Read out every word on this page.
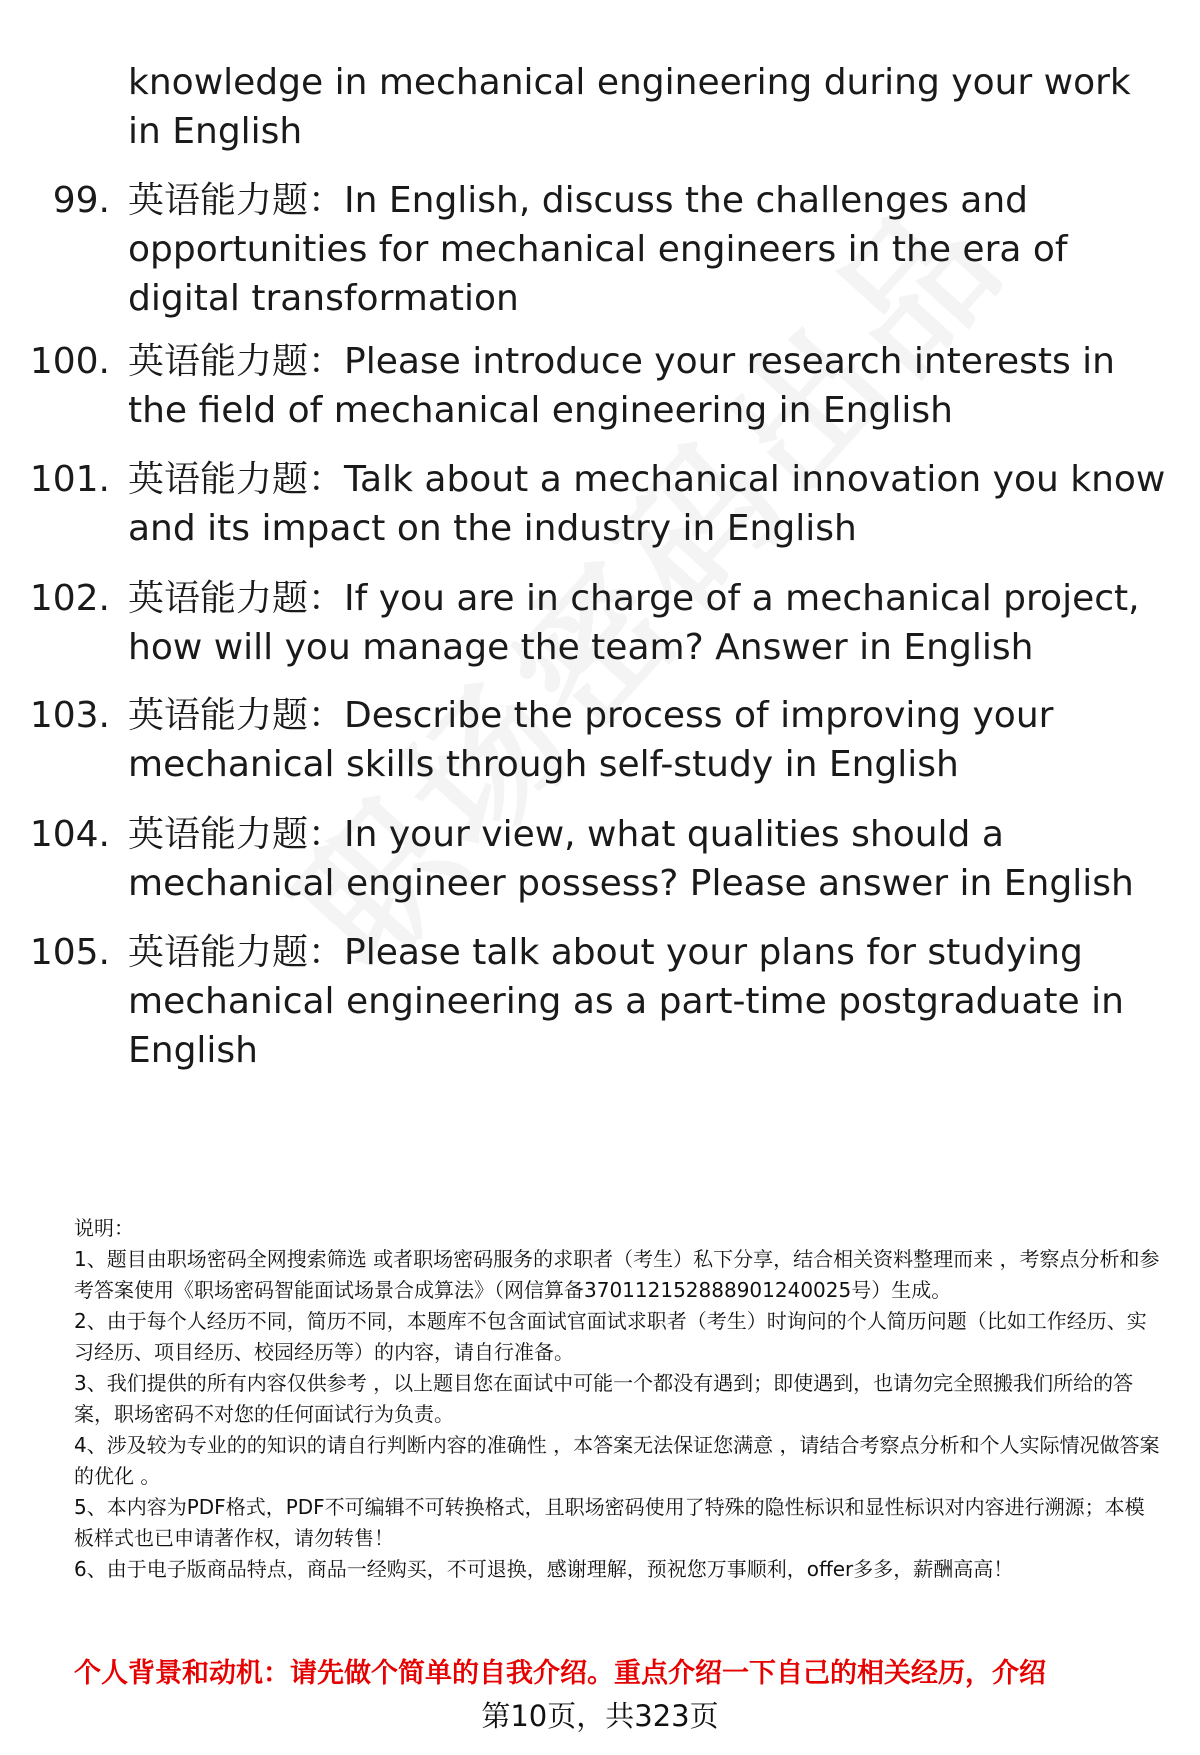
knowledge in mechanical engineering during your work in English
99. 英语能力题：In English, discuss the challenges and opportunities for mechanical engineers in the era of digital transformation
100. 英语能力题：Please introduce your research interests in the field of mechanical engineering in English
101. 英语能力题：Talk about a mechanical innovation you know and its impact on the industry in English
102. 英语能力题：If you are in charge of a mechanical project, how will you manage the team? Answer in English
103. 英语能力题：Describe the process of improving your mechanical skills through self-study in English
104. 英语能力题：In your view, what qualities should a mechanical engineer possess? Please answer in English
105. 英语能力题：Please talk about your plans for studying mechanical engineering as a part-time postgraduate in English

说明：

1、题目由职场密码全网搜索筛选 或者职场密码服务的求职者（考生）私下分享，结合相关资料整理而来 ，考察点分析和参考答案使用《职场密码智能面试场景合成算法》（网信算备370112152888901240025号）生成。

2、由于每个人经历不同，简历不同，本题库不包含面试官面试求职者（考生）时询问的个人简历问题（比如工作经历、实习经历、项目经历、校园经历等）的内容，请自行准备。

3、我们提供的所有内容仅供参考 ，以上题目您在面试中可能一个都没有遇到；即使遇到，也请勿完全照搬我们所给的答案，职场密码不对您的任何面试行为负责。

4、涉及较为专业的的知识的请自行判断内容的准确性 ，本答案无法保证您满意 ，请结合考察点分析和个人实际情况做答案的优化 。

5、本内容为PDF格式，PDF不可编辑不可转换格式，且职场密码使用了特殊的隐性标识和显性标识对内容进行溯源；本模板样式也已申请著作权，请勿转售！

6、由于电子版商品特点，商品一经购买，不可退换，感谢理解，预祝您万事顺利，offer多多，薪酬高高！

个人背景和动机：请先做个简单的自我介绍。重点介绍一下自己的相关经历，介绍
第10页，共323页
